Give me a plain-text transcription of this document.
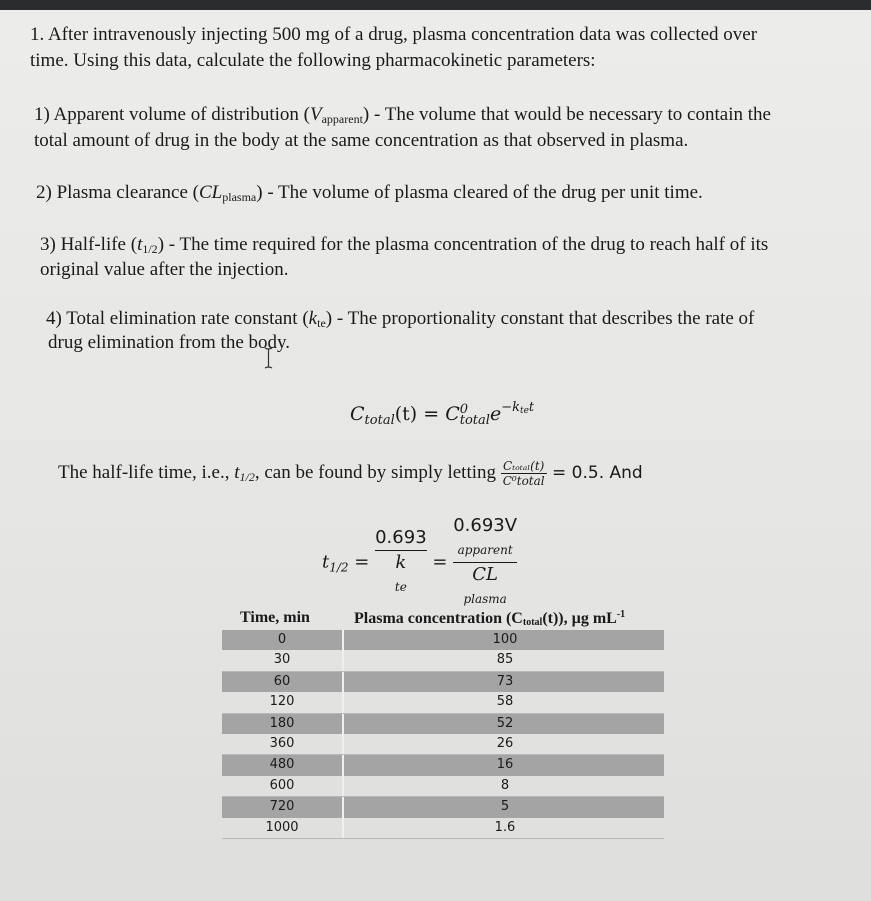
1. After intravenously injecting 500 mg of a drug, plasma concentration data was collected over
time. Using this data, calculate the following pharmacokinetic parameters:
1) Apparent volume of distribution $(V_{apparent})$ - The volume that would be necessary to contain the
total amount of drug in the body at the same concentration as that observed in plasma.
2) Plasma clearance $(CL_{plasma})$ - The volume of plasma cleared of the drug per unit time.
3) Half-life $(t_{1/2})$ - The time required for the plasma concentration of the drug to reach half of its
original value after the injection.
4) Total elimination rate constant $(k_{te})$ - The proportionality constant that describes the rate of
drug elimination from the body.
$C_{total}(t) = C$ 0
total $e^{-ktet}$
The half-life time, i.e., $t_{1/2}$, can be found by simply letting $\frac{\text{Cₜₒₜₐₗ(t)}}{\text{C⁰total}} = 0.5$. And
$t_{1/2}$ =
0.693
k
te
=
0.693V
apparent
CL
plasma
Time, min	Plasma concentration (Ctotal(t)), µg $mL^{-1}$
0	100
30	85
60	73
120	58
180	52
360	26
480	16
600	8
720	5
1000	1.6
